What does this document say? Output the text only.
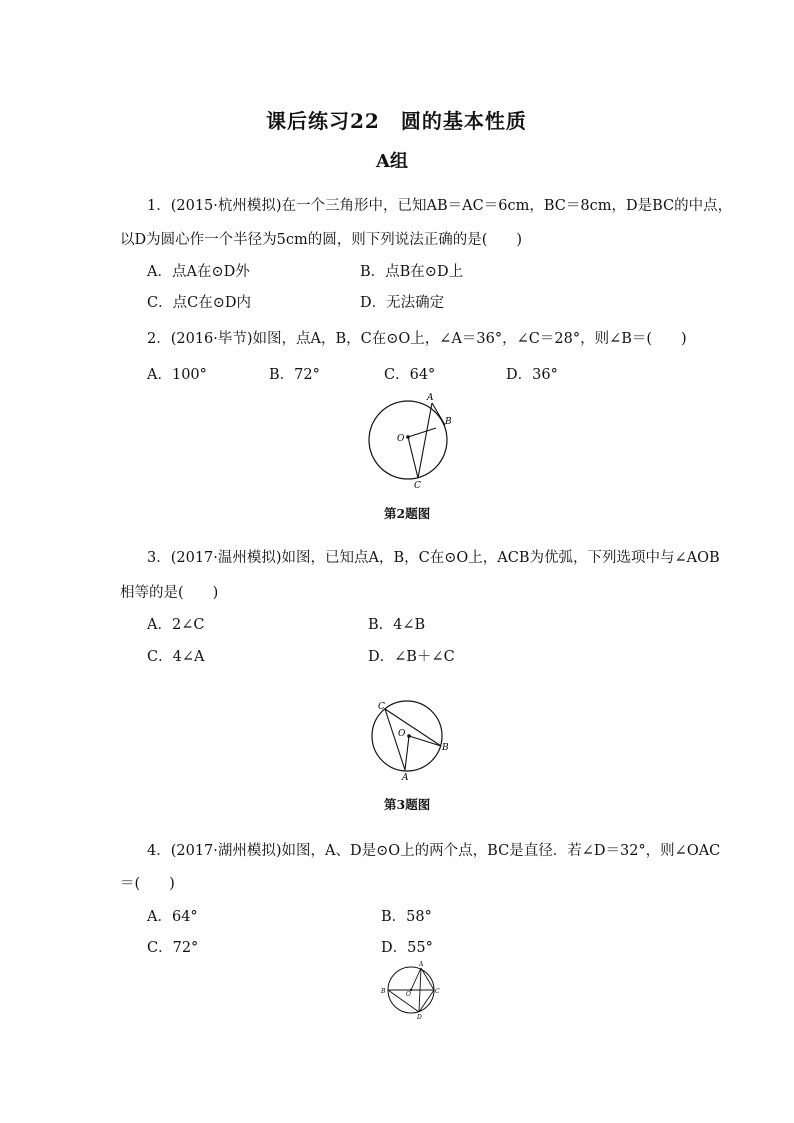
课后练习22　圆的基本性质
A组
1．(2015·杭州模拟)在一个三角形中，已知AB＝AC＝6cm，BC＝8cm，D是BC的中点，
以D为圆心作一个半径为5cm的圆，则下列说法正确的是(　　)
A．点A在⊙D外	B．点B在⊙D上
C．点C在⊙D内	D．无法确定
2．(2016·毕节)如图，点A，B，C在⊙O上，∠A＝36°，∠C＝28°，则∠B＝(　　)
A．100°	B．72°	C．64°	D．36°
A
B
O
C
第2题图
3．(2017·温州模拟)如图，已知点A，B，C在⊙O上，ACB为优弧，下列选项中与∠AOB
相等的是(　　)
A．2∠C	B．4∠B
C．4∠A	D．∠B＋∠C
C
O
B
A
第3题图
4．(2017·湖州模拟)如图，A、D是⊙O上的两个点，BC是直径．若∠D＝32°，则∠OAC
＝(　　)
A．64°	B．58°
C．72°	D．55°
A
B	O	C
D
